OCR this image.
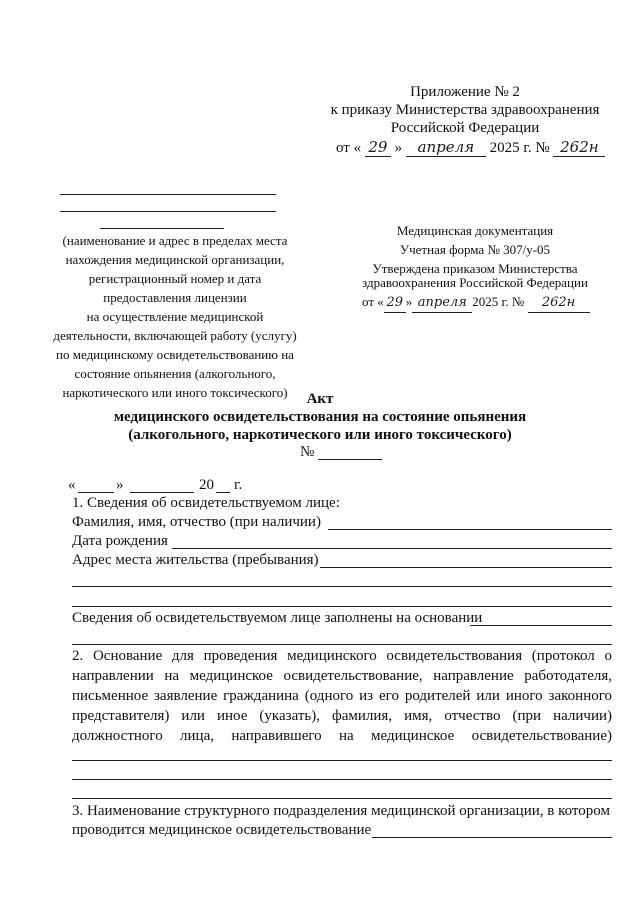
Приложение № 2
к приказу Министерства здравоохранения
Российской Федерации
от « 29 » апреля 2025 г. № 262н
(наименование и адрес в пределах места
нахождения медицинской организации,
регистрационный номер и дата
предоставления лицензии
на осуществление медицинской
деятельности, включающей работу (услугу)
по медицинскому освидетельствованию на
состояние опьянения (алкогольного,
наркотического или иного токсического)
Медицинская документация
Учетная форма № 307/у-05
Утверждена приказом Министерства
здравоохранения Российской Федерации
от « 29 » апреля 2025 г. № 262н
Акт
медицинского освидетельствования на состояние опьянения
(алкогольного, наркотического или иного токсического)
№
«	»	20 г.
1. Сведения об освидетельствуемом лице:
Фамилия, имя, отчество (при наличии)
Дата рождения
Адрес места жительства (пребывания)
Сведения об освидетельствуемом лице заполнены на основании
2. Основание для проведения медицинского освидетельствования (протокол о
направлении на медицинское освидетельствование, направление работодателя,
письменное заявление гражданина (одного из его родителей или иного законного
представителя) или иное (указать), фамилия, имя, отчество (при наличии)
должностного лица, направившего на медицинское освидетельствование)
3. Наименование структурного подразделения медицинской организации, в котором
проводится медицинское освидетельствование
